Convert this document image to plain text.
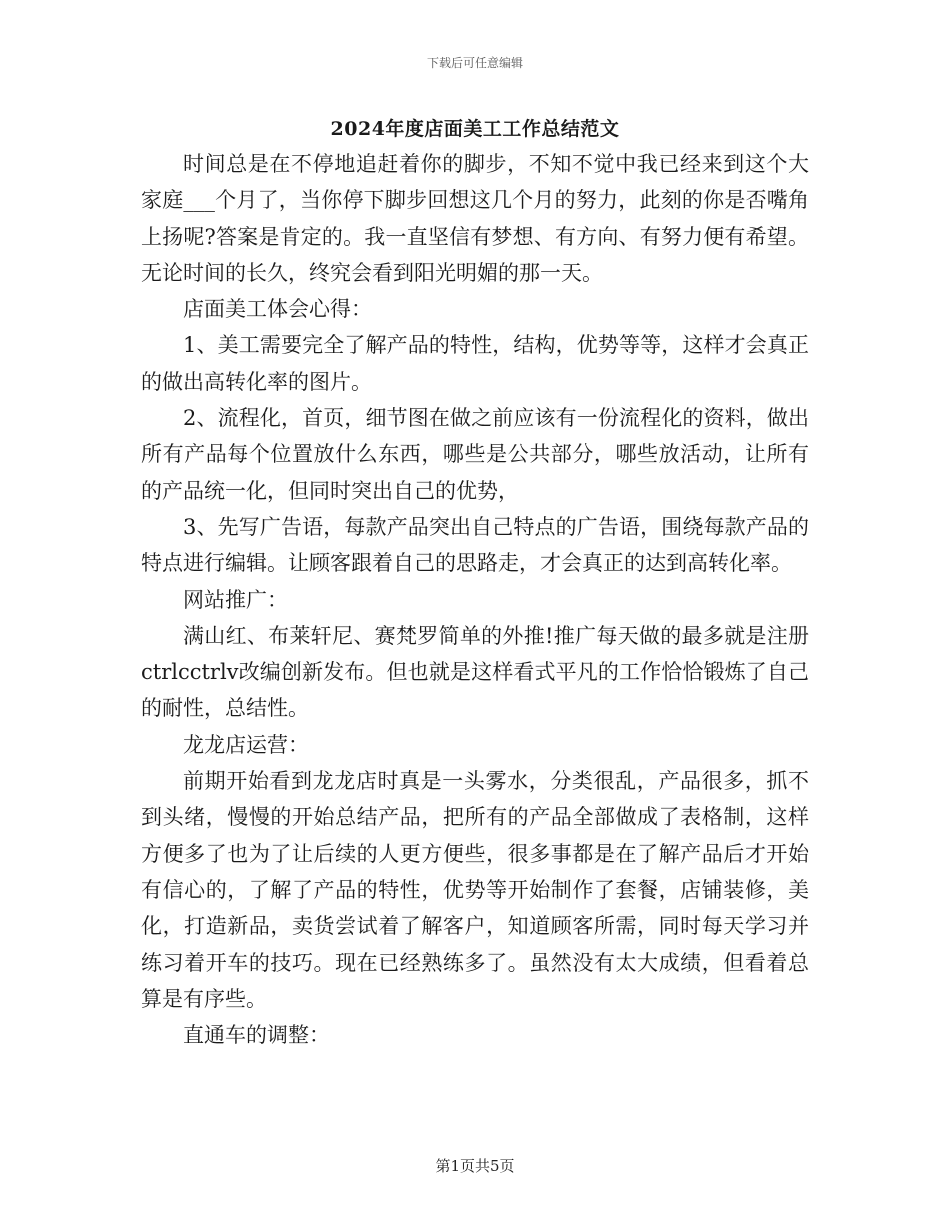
下载后可任意编辑
2024年度店面美工工作总结范文

时间总是在不停地追赶着你的脚步，不知不觉中我已经来到这个大家庭___个月了，当你停下脚步回想这几个月的努力，此刻的你是否嘴角上扬呢?答案是肯定的。我一直坚信有梦想、有方向、有努力便有希望。无论时间的长久，终究会看到阳光明媚的那一天。

店面美工体会心得：

1、美工需要完全了解产品的特性，结构，优势等等，这样才会真正的做出高转化率的图片。

2、流程化，首页，细节图在做之前应该有一份流程化的资料，做出所有产品每个位置放什么东西，哪些是公共部分，哪些放活动，让所有的产品统一化，但同时突出自己的优势，

3、先写广告语，每款产品突出自己特点的广告语，围绕每款产品的特点进行编辑。让顾客跟着自己的思路走，才会真正的达到高转化率。

网站推广：

满山红、布莱轩尼、赛梵罗简单的外推!推广每天做的最多就是注册ctrlcctrlv改编创新发布。但也就是这样看式平凡的工作恰恰锻炼了自己的耐性，总结性。

龙龙店运营：

前期开始看到龙龙店时真是一头雾水，分类很乱，产品很多，抓不到头绪，慢慢的开始总结产品，把所有的产品全部做成了表格制，这样方便多了也为了让后续的人更方便些，很多事都是在了解产品后才开始有信心的，了解了产品的特性，优势等开始制作了套餐，店铺装修，美化，打造新品，卖货尝试着了解客户，知道顾客所需，同时每天学习并练习着开车的技巧。现在已经熟练多了。虽然没有太大成绩，但看着总算是有序些。

直通车的调整：

第1页共5页
